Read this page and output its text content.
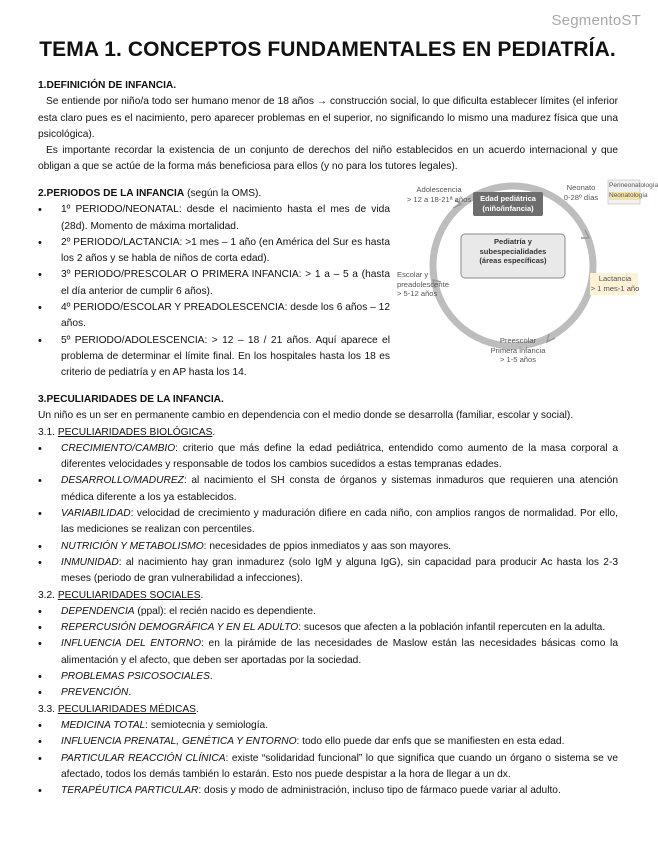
SegmentoST
TEMA 1. CONCEPTOS FUNDAMENTALES EN PEDIATRÍA.

1.DEFINICIÓN DE INFANCIA.

Se entiende por niño/a todo ser humano menor de 18 años → construcción social, lo que dificulta establecer límites (el inferior esta claro pues es el nacimiento, pero aparecer problemas en el superior, no significando lo mismo una madurez física que una psicológica).

Es importante recordar la existencia de un conjunto de derechos del niño establecidos en un acuerdo internacional y que obligan a que se actúe de la forma más beneficiosa para ellos (y no para los tutores legales).

2.PERIODOS DE LA INFANCIA (según la OMS).

• 1º PERIODO/NEONATAL: desde el nacimiento hasta el mes de vida (28d). Momento de máxima mortalidad.
• 2º PERIODO/LACTANCIA: >1 mes – 1 año (en América del Sur es hasta los 2 años y se habla de niños de corta edad).
• 3º PERIODO/PRESCOLAR O PRIMERA INFANCIA: > 1 a – 5 a (hasta el día anterior de cumplir 6 años).
• 4º PERIODO/ESCOLAR Y PREADOLESCENCIA: desde los 6 años – 12 años.
• 5º PERIODO/ADOLESCENCIA: > 12 – 18 / 21 años. Aquí aparece el problema de determinar el límite final. En los hospitales hasta los 18 es criterio de pediatría y en AP hasta los 14.
Adolescencia
> 12 a 18-21ª años	Edad pediátrica
(niño/infancia)
Neonato
0-28º días
Perineonatología
Neonatología
Pediatría y
subespecialidades
(áreas específicas)
Escolar y
preadolescente
> 5-12 años
Lactancia
> 1 mes-1 año
Preescolar
Primera infancia
> 1-5 años

3.PECULIARIDADES DE LA INFANCIA.

Un niño es un ser en permanente cambio en dependencia con el medio donde se desarrolla (familiar, escolar y social).

3.1. PECULIARIDADES BIOLÓGICAS.

• CRECIMIENTO/CAMBIO: criterio que más define la edad pediátrica, entendido como aumento de la masa corporal a diferentes velocidades y responsable de todos los cambios sucedidos a estas tempranas edades.
• DESARROLLO/MADUREZ: al nacimiento el SH consta de órganos y sistemas inmaduros que requieren una atención médica diferente a los ya establecidos.
• VARIABILIDAD: velocidad de crecimiento y maduración difiere en cada niño, con amplios rangos de normalidad. Por ello, las mediciones se realizan con percentiles.
• NUTRICIÓN Y METABOLISMO: necesidades de ppios inmediatos y aas son mayores.
• INMUNIDAD: al nacimiento hay gran inmadurez (solo IgM y alguna IgG), sin capacidad para producir Ac hasta los 2-3 meses (periodo de gran vulnerabilidad a infecciones).

3.2. PECULIARIDADES SOCIALES.

• DEPENDENCIA (ppal): el recién nacido es dependiente.
• REPERCUSIÓN DEMOGRÁFICA Y EN EL ADULTO: sucesos que afecten a la población infantil repercuten en la adulta.
• INFLUENCIA DEL ENTORNO: en la pirámide de las necesidades de Maslow están las necesidades básicas como la alimentación y el afecto, que deben ser aportadas por la sociedad.
• PROBLEMAS PSICOSOCIALES.
• PREVENCIÓN.

3.3. PECULIARIDADES MÉDICAS.

• MEDICINA TOTAL: semiotecnia y semiología.
• INFLUENCIA PRENATAL, GENÉTICA Y ENTORNO: todo ello puede dar enfs que se manifiesten en esta edad.
• PARTICULAR REACCIÓN CLÍNICA: existe “solidaridad funcional” lo que significa que cuando un órgano o sistema se ve afectado, todos los demás también lo estarán. Esto nos puede despistar a la hora de llegar a un dx.
• TERAPÉUTICA PARTICULAR: dosis y modo de administración, incluso tipo de fármaco puede variar al adulto.
